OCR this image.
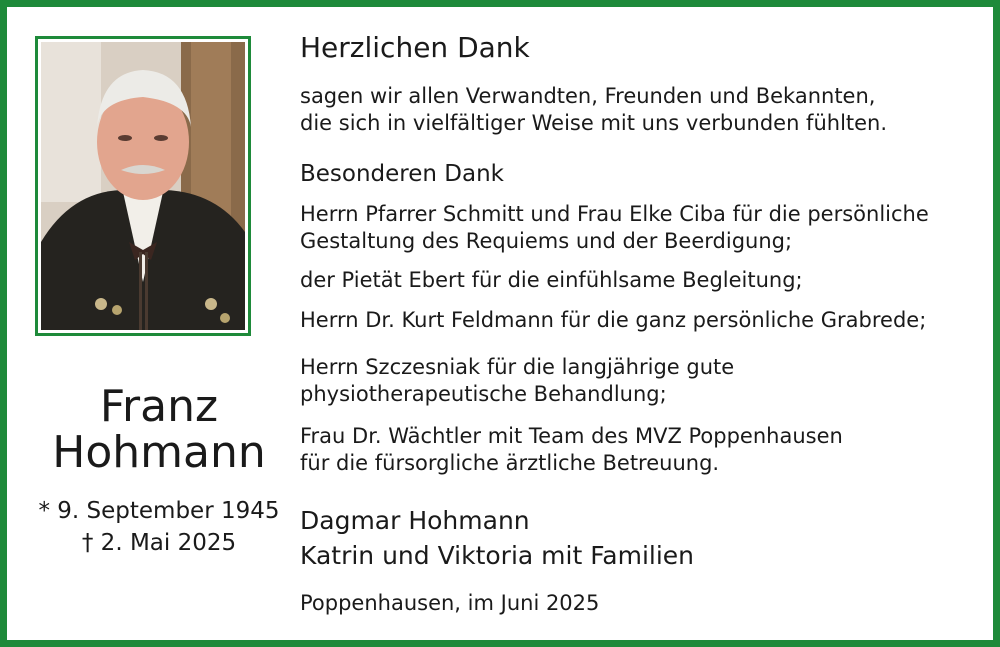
Franz
Hohmann
* 9. September 1945
† 2. Mai 2025
Herzlichen Dank
sagen wir allen Verwandten, Freunden und Bekannten,
die sich in vielfältiger Weise mit uns verbunden fühlten.
Besonderen Dank
Herrn Pfarrer Schmitt und Frau Elke Ciba für die persönliche
Gestaltung des Requiems und der Beerdigung;
der Pietät Ebert für die einfühlsame Begleitung;
Herrn Dr. Kurt Feldmann für die ganz persönliche Grabrede;
Herrn Szczesniak für die langjährige gute
physiotherapeutische Behandlung;
Frau Dr. Wächtler mit Team des MVZ Poppenhausen
für die fürsorgliche ärztliche Betreuung.
Dagmar Hohmann
Katrin und Viktoria mit Familien
Poppenhausen, im Juni 2025
